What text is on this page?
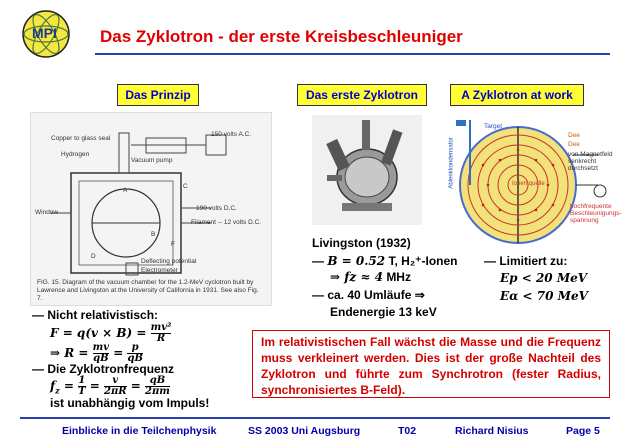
MPI	Das Zyklotron - der erste Kreisbeschleuniger
Das Prinzip	Das erste Zyklotron	A Zyklotron at work
Copper to glass seal
Hydrogen
Vacuum pump
150 volts A.C.
190 volts D.C.
Filament -- 12 volts D.C.
Window
Deflecting potential
Electrometer
A
B
C
D
F
FIG. 15. Diagram of the vacuum chamber for the 1.2-MeV cyclotron built by Lawrence and Livingston at the University of California in 1931. See also Fig. 7.
Target
Ablenkkondensator
Dee
Dee
von Magnetfeld senkrecht durchsetzt
Ionen quelle
hochfrequente Beschleunigungs-spannung
— Nicht relativistisch:
$F = q(v \times B) = \frac{\text{mv²}}{R}$
⇒ $R = \frac{mv}{qB} = \frac{p}{qB}$
— Die Zyklotronfrequenz
$f_z = \frac{1}{T} = \frac{v}{2\pi R} = \frac{qB}{2\pi m}$
ist unabhängig vom Impuls!
Livingston (1932)
— B = 0.52 T, H₂⁺-Ionen
⇒ fz ≈ 4 MHz
— ca. 40 Umläufe ⇒
Endenergie 13 keV
— Limitiert zu:
Ep < 20 MeV
Eα < 70 MeV
Im relativistischen Fall wächst die Masse und die Frequenz muss verkleinert werden. Dies ist der große Nachteil des Zyklotron und führte zum Synchrotron (fester Radius, synchronisiertes B-Feld).
Einblicke in die Teilchenphysik	SS 2003 Uni Augsburg	T02	Richard Nisius	Page 5
